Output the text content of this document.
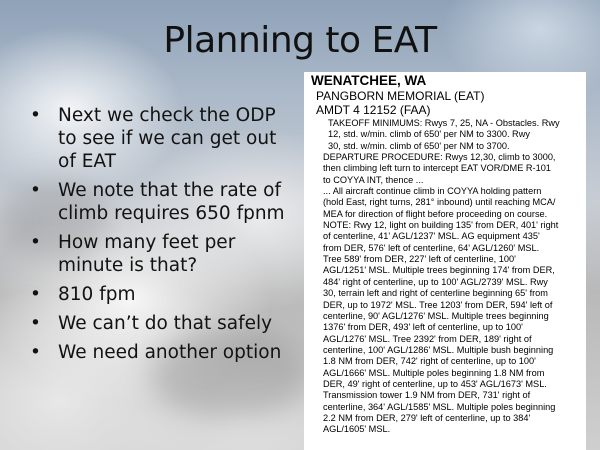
Planning to EAT
• Next we check the ODP to see if we can get out of EAT
• We note that the rate of climb requires 650 fpnm
• How many feet per minute is that?
• 810 fpm
• We can’t do that safely
• We need another option
WENATCHEE, WA
PANGBORN MEMORIAL (EAT)
AMDT 4 12152 (FAA)
TAKEOFF MINIMUMS: Rwys 7, 25, NA - Obstacles. Rwy
12, std. w/min. climb of 650' per NM to 3300. Rwy
30, std. w/min. climb of 650' per NM to 3700.
DEPARTURE PROCEDURE: Rwys 12,30, climb to 3000,
then climbing left turn to intercept EAT VOR/DME R-101
to COYYA INT, thence ...
... All aircraft continue climb in COYYA holding pattern
(hold East, right turns, 281° inbound) until reaching MCA/
MEA for direction of flight before proceeding on course.
NOTE: Rwy 12, light on building 135' from DER, 401' right
of centerline, 41' AGL/1237' MSL. AG equipment 435'
from DER, 576' left of centerline, 64' AGL/1260' MSL.
Tree 589' from DER, 227' left of centerline, 100'
AGL/1251' MSL. Multiple trees beginning 174' from DER,
484' right of centerline, up to 100' AGL/2739' MSL. Rwy
30, terrain left and right of centerline beginning 65' from
DER, up to 1972' MSL. Tree 1203' from DER, 594' left of
centerline, 90' AGL/1276' MSL. Multiple trees beginning
1376' from DER, 493' left of centerline, up to 100'
AGL/1276' MSL. Tree 2392' from DER, 189' right of
centerline, 100' AGL/1286' MSL. Multiple bush beginning
1.8 NM from DER, 742' right of centerline, up to 100'
AGL/1666' MSL. Multiple poles beginning 1.8 NM from
DER, 49' right of centerline, up to 453' AGL/1673' MSL.
Transmission tower 1.9 NM from DER, 731' right of
centerline, 364' AGL/1585' MSL. Multiple poles beginning
2.2 NM from DER, 279' left of centerline, up to 384'
AGL/1605' MSL.
